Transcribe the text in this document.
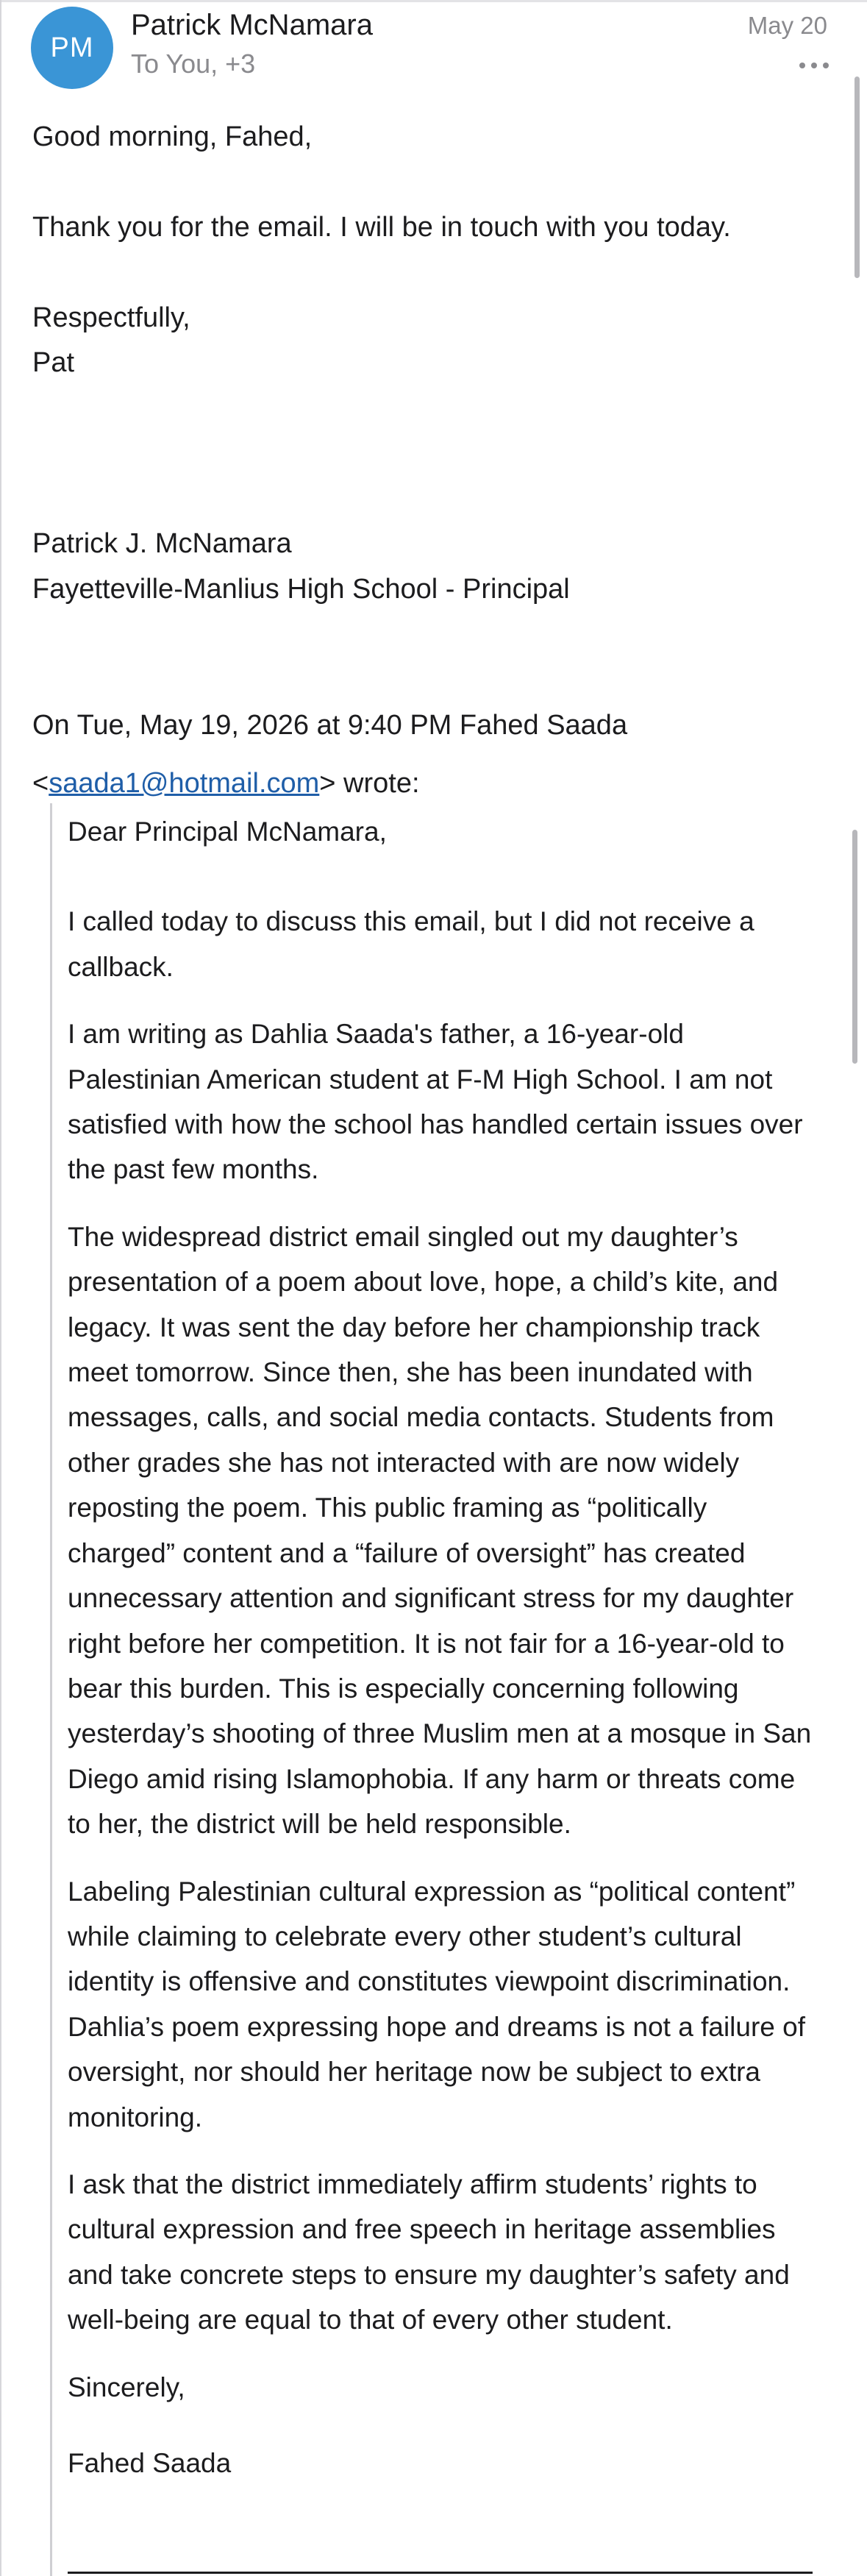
PM
Patrick McNamara
To You, +3
May 20

Good morning, Fahed,

Thank you for the email. I will be in touch with you today.

Respectfully,

Pat

Patrick J. McNamara

Fayetteville-Manlius High School - Principal

On Tue, May 19, 2026 at 9:40 PM Fahed Saada

<saada1@hotmail.com> wrote:

Dear Principal McNamara,

I called today to discuss this email, but I did not receive a callback.

I am writing as Dahlia Saada's father, a 16-year-old Palestinian American student at F-M High School. I am not satisfied with how the school has handled certain issues over the past few months.

The widespread district email singled out my daughter’s presentation of a poem about love, hope, a child’s kite, and legacy. It was sent the day before her championship track meet tomorrow. Since then, she has been inundated with messages, calls, and social media contacts. Students from other grades she has not interacted with are now widely reposting the poem. This public framing as “politically charged” content and a “failure of oversight” has created unnecessary attention and significant stress for my daughter right before her competition. It is not fair for a 16-year-old to bear this burden. This is especially concerning following yesterday’s shooting of three Muslim men at a mosque in San Diego amid rising Islamophobia. If any harm or threats come to her, the district will be held responsible.

Labeling Palestinian cultural expression as “political content” while claiming to celebrate every other student’s cultural identity is offensive and constitutes viewpoint discrimination. Dahlia’s poem expressing hope and dreams is not a failure of oversight, nor should her heritage now be subject to extra monitoring.

I ask that the district immediately affirm students’ rights to cultural expression and free speech in heritage assemblies and take concrete steps to ensure my daughter’s safety and well-being are equal to that of every other student.

Sincerely,

Fahed Saada
